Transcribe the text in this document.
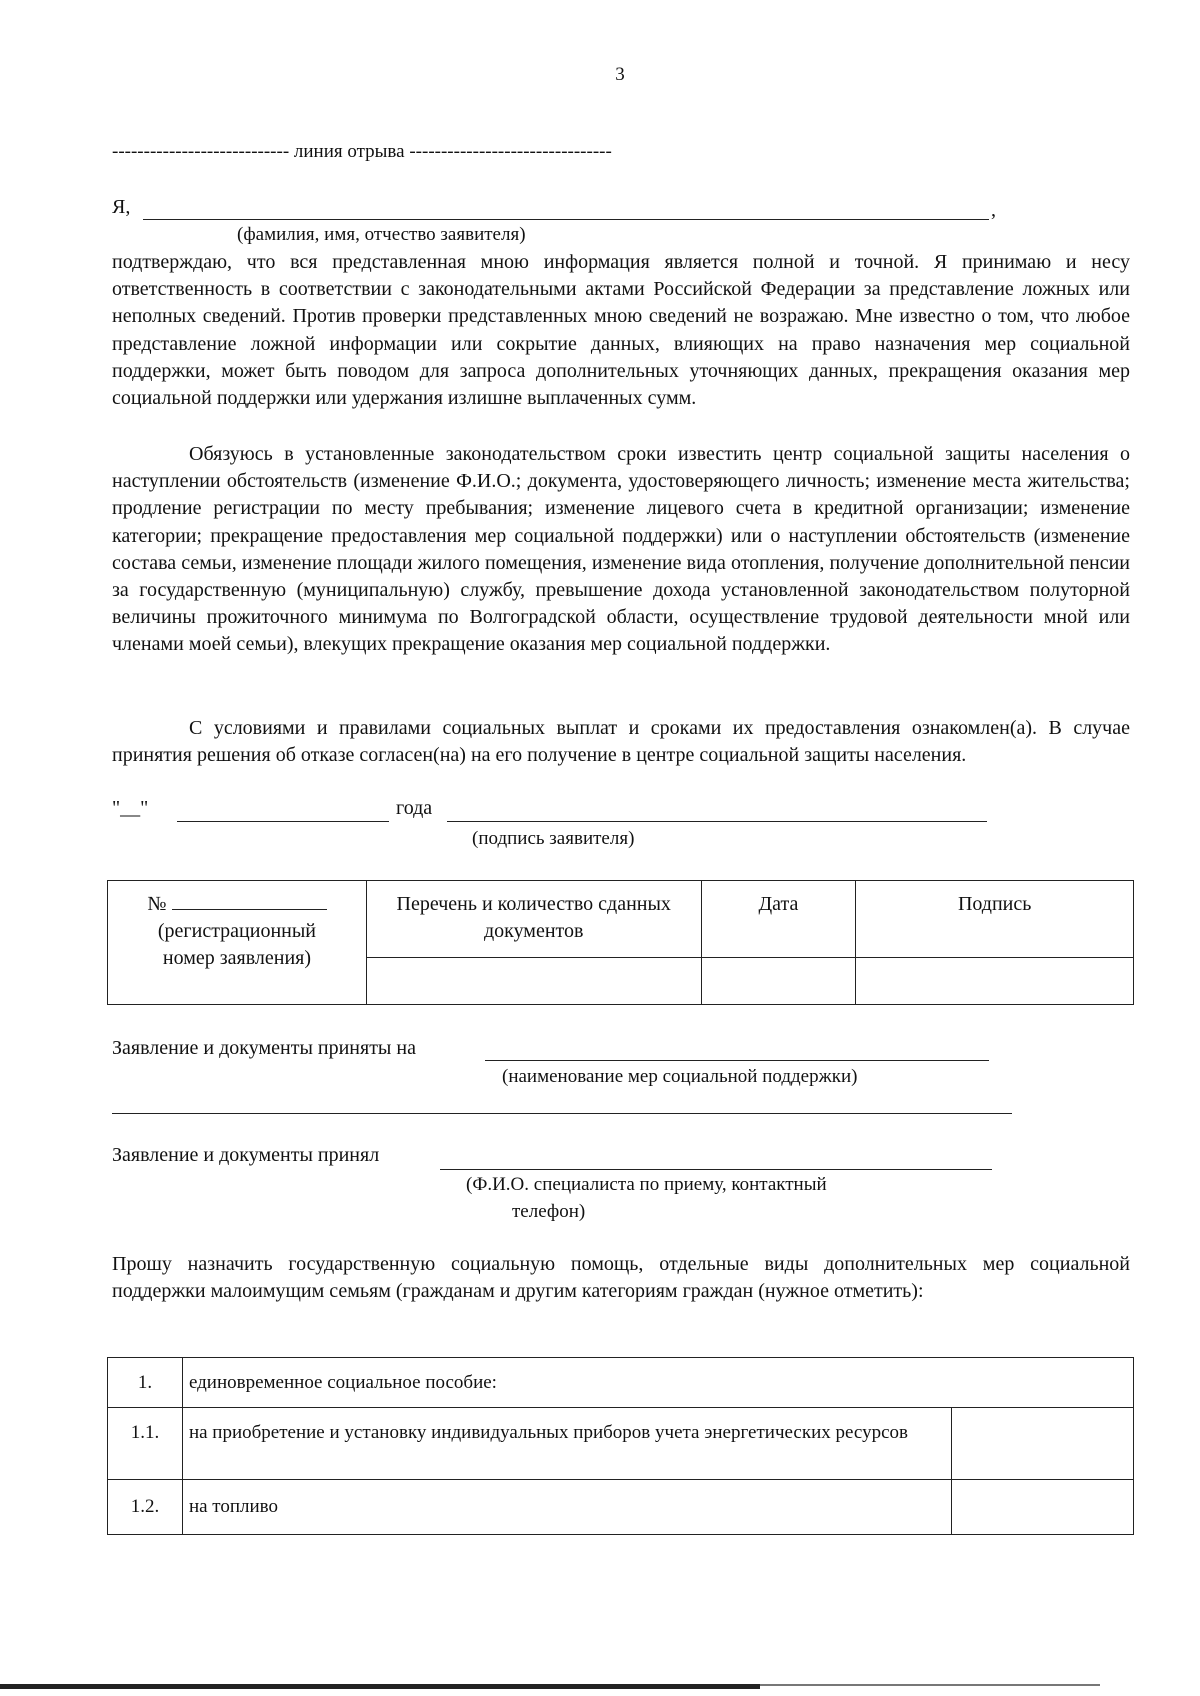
3
---------------------------- линия отрыва --------------------------------
Я,	,
(фамилия, имя, отчество заявителя)
подтверждаю, что вся представленная мною информация является полной и точной. Я принимаю и несу ответственность в соответствии с законодательными актами Российской Федерации за представление ложных или неполных сведений. Против проверки представленных мною сведений не возражаю. Мне известно о том, что любое представление ложной информации или сокрытие данных, влияющих на право назначения мер социальной поддержки, может быть поводом для запроса дополнительных уточняющих данных, прекращения оказания мер социальной поддержки или удержания излишне выплаченных сумм.
Обязуюсь в установленные законодательством сроки известить центр социальной защиты населения о наступлении обстоятельств (изменение Ф.И.О.; документа, удостоверяющего личность; изменение места жительства; продление регистрации по месту пребывания; изменение лицевого счета в кредитной организации; изменение категории; прекращение предоставления мер социальной поддержки) или о наступлении обстоятельств (изменение состава семьи, изменение площади жилого помещения, изменение вида отопления, получение дополнительной пенсии за государственную (муниципальную) службу, превышение дохода установленной законодательством полуторной величины прожиточного минимума по Волгоградской области, осуществление трудовой деятельности мной или членами моей семьи), влекущих прекращение оказания мер социальной поддержки.
С условиями и правилами социальных выплат и сроками их предоставления ознакомлен(а). В случае принятия решения об отказе согласен(на) на его получение в центре социальной защиты населения.
"__"	года
(подпись заявителя)
№
(регистрационный номер заявления)	Перечень и количество сданных документов	Дата	Подпись

Заявление и документы приняты на
(наименование мер социальной поддержки)
Заявление и документы принял
(Ф.И.О. специалиста по приему, контактный
телефон)
Прошу назначить государственную социальную помощь, отдельные виды дополнительных мер социальной поддержки малоимущим семьям (гражданам и другим категориям граждан (нужное отметить):
1.	единовременное социальное пособие:	
1.1.	на приобретение и установку индивидуальных приборов учета энергетических ресурсов	
1.2.	на топливо	
